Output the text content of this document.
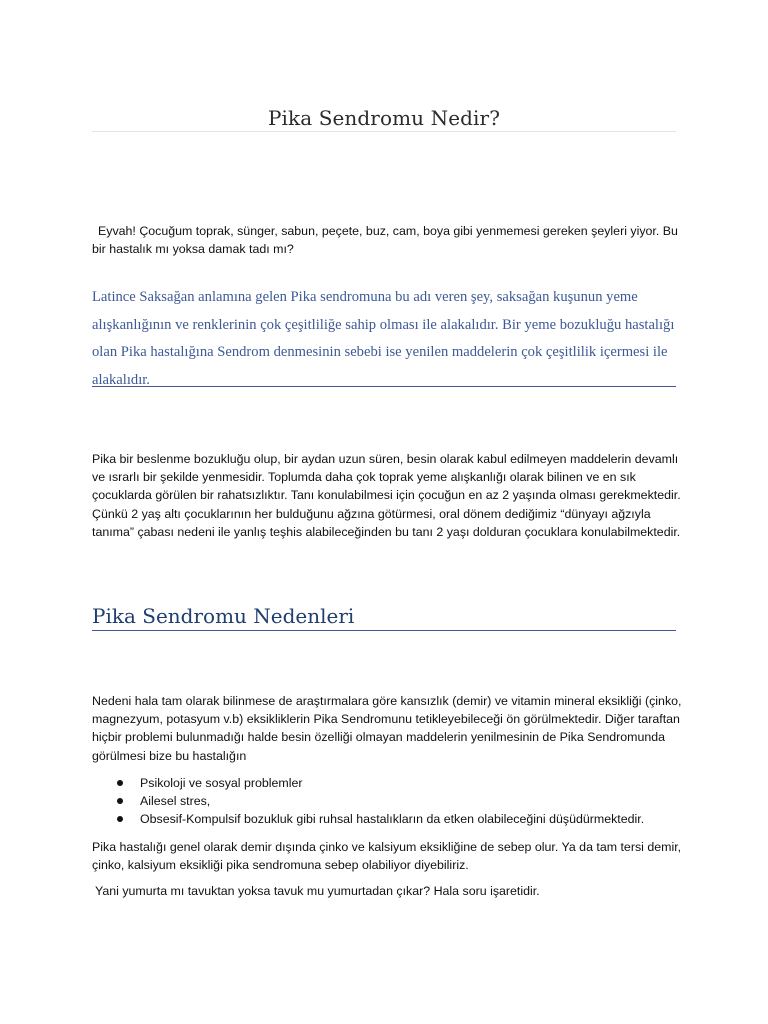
Pika Sendromu Nedir?
Eyvah! Çocuğum toprak, sünger, sabun, peçete, buz, cam, boya gibi yenmemesi gereken şeyleri yiyor. Bu bir hastalık mı yoksa damak tadı mı?
Latince Saksağan anlamına gelen Pika sendromuna bu adı veren şey, saksağan kuşunun yeme alışkanlığının ve renklerinin çok çeşitliliğe sahip olması ile alakalıdır. Bir yeme bozukluğu hastalığı olan Pika hastalığına Sendrom denmesinin sebebi ise yenilen maddelerin çok çeşitlilik içermesi ile alakalıdır.
Pika bir beslenme bozukluğu olup, bir aydan uzun süren, besin olarak kabul edilmeyen maddelerin devamlı ve ısrarlı bir şekilde yenmesidir. Toplumda daha çok toprak yeme alışkanlığı olarak bilinen ve en sık çocuklarda görülen bir rahatsızlıktır. Tanı konulabilmesi için çocuğun en az 2 yaşında olması gerekmektedir. Çünkü 2 yaş altı çocuklarının her bulduğunu ağzına götürmesi, oral dönem dediğimiz “dünyayı ağzıyla tanıma” çabası nedeni ile yanlış teşhis alabileceğinden bu tanı 2 yaşı dolduran çocuklara konulabilmektedir.
Pika Sendromu Nedenleri
Nedeni hala tam olarak bilinmese de araştırmalara göre kansızlık (demir) ve vitamin mineral eksikliği (çinko, magnezyum, potasyum v.b) eksikliklerin Pika Sendromunu tetikleyebileceği ön görülmektedir. Diğer taraftan hiçbir problemi bulunmadığı halde besin özelliği olmayan maddelerin yenilmesinin de Pika Sendromunda görülmesi bize bu hastalığın
Psikoloji ve sosyal problemler
Ailesel stres,
Obsesif-Kompulsif bozukluk gibi ruhsal hastalıkların da etken olabileceğini düşüdürmektedir.
Pika hastalığı genel olarak demir dışında çinko ve kalsiyum eksikliğine de sebep olur. Ya da tam tersi demir, çinko, kalsiyum eksikliği pika sendromuna sebep olabiliyor diyebiliriz.
Yani yumurta mı tavuktan yoksa tavuk mu yumurtadan çıkar? Hala soru işaretidir.
